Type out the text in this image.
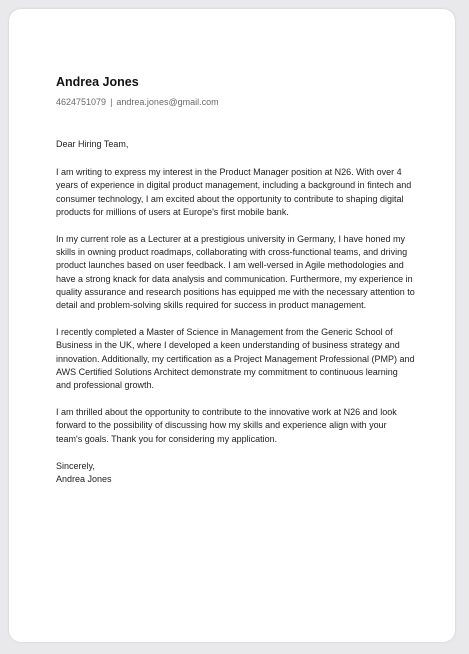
Andrea Jones
4624751079 | andrea.jones@gmail.com

Dear Hiring Team,

I am writing to express my interest in the Product Manager position at N26. With over 4 years of experience in digital product management, including a background in fintech and consumer technology, I am excited about the opportunity to contribute to shaping digital products for millions of users at Europe's first mobile bank.

In my current role as a Lecturer at a prestigious university in Germany, I have honed my skills in owning product roadmaps, collaborating with cross-functional teams, and driving product launches based on user feedback. I am well-versed in Agile methodologies and have a strong knack for data analysis and communication. Furthermore, my experience in quality assurance and research positions has equipped me with the necessary attention to detail and problem-solving skills required for success in product management.

I recently completed a Master of Science in Management from the Generic School of Business in the UK, where I developed a keen understanding of business strategy and innovation. Additionally, my certification as a Project Management Professional (PMP) and AWS Certified Solutions Architect demonstrate my commitment to continuous learning and professional growth.

I am thrilled about the opportunity to contribute to the innovative work at N26 and look forward to the possibility of discussing how my skills and experience align with your team's goals. Thank you for considering my application.

Sincerely,
Andrea Jones
